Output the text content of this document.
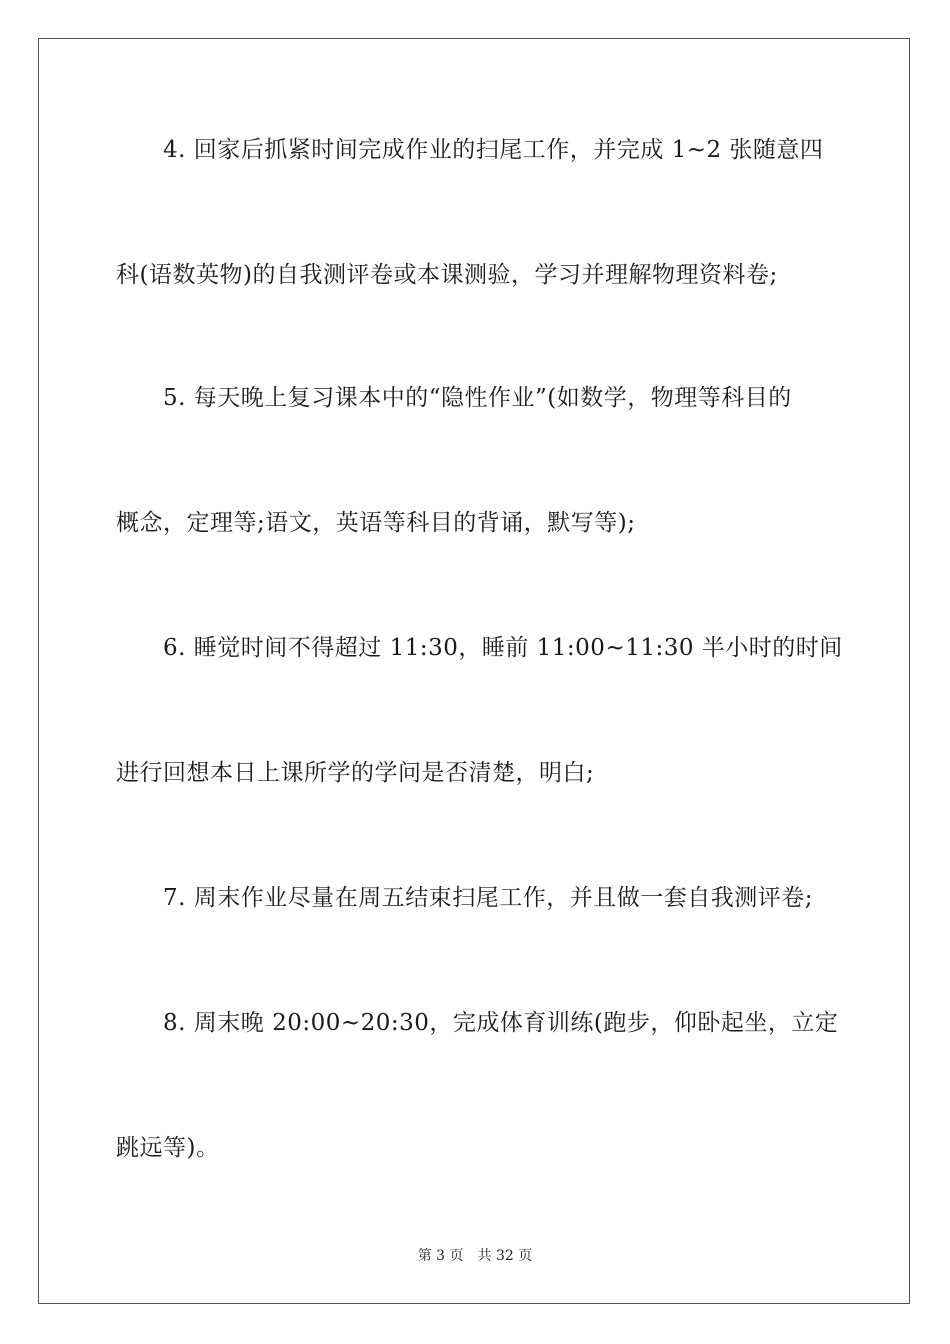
4. 回家后抓紧时间完成作业的扫尾工作，并完成 1~2 张随意四
科(语数英物)的自我测评卷或本课测验，学习并理解物理资料卷;
5. 每天晚上复习课本中的“隐性作业”(如数学，物理等科目的
概念，定理等;语文，英语等科目的背诵，默写等);
6. 睡觉时间不得超过 11:30，睡前 11:00~11:30 半小时的时间
进行回想本日上课所学的学问是否清楚，明白;
7. 周末作业尽量在周五结束扫尾工作，并且做一套自我测评卷;
8. 周末晚 20:00~20:30，完成体育训练(跑步，仰卧起坐，立定
跳远等)。
第 3 页 共 32 页
